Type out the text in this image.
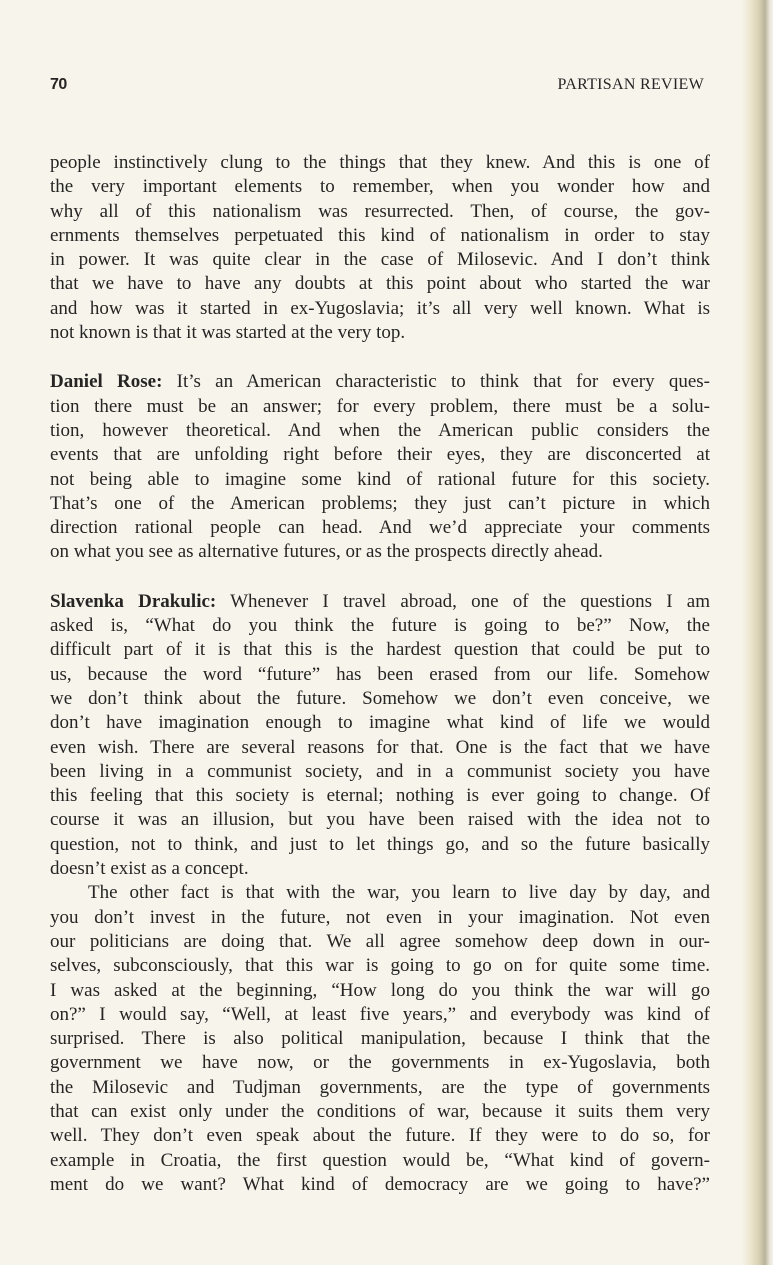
70	PARTISAN REVIEW
people instinctively clung to the things that they knew. And this is one of
the very important elements to remember, when you wonder how and
why all of this nationalism was resurrected. Then, of course, the gov-
ernments themselves perpetuated this kind of nationalism in order to stay
in power. It was quite clear in the case of Milosevic. And I don’t think
that we have to have any doubts at this point about who started the war
and how was it started in ex-Yugoslavia; it’s all very well known. What is
not known is that it was started at the very top.
Daniel Rose: It’s an American characteristic to think that for every ques-
tion there must be an answer; for every problem, there must be a solu-
tion, however theoretical. And when the American public considers the
events that are unfolding right before their eyes, they are disconcerted at
not being able to imagine some kind of rational future for this society.
That’s one of the American problems; they just can’t picture in which
direction rational people can head. And we’d appreciate your comments
on what you see as alternative futures, or as the prospects directly ahead.
Slavenka Drakulic: Whenever I travel abroad, one of the questions I am
asked is, “What do you think the future is going to be?” Now, the
difficult part of it is that this is the hardest question that could be put to
us, because the word “future” has been erased from our life. Somehow
we don’t think about the future. Somehow we don’t even conceive, we
don’t have imagination enough to imagine what kind of life we would
even wish. There are several reasons for that. One is the fact that we have
been living in a communist society, and in a communist society you have
this feeling that this society is eternal; nothing is ever going to change. Of
course it was an illusion, but you have been raised with the idea not to
question, not to think, and just to let things go, and so the future basically
doesn’t exist as a concept.
The other fact is that with the war, you learn to live day by day, and
you don’t invest in the future, not even in your imagination. Not even
our politicians are doing that. We all agree somehow deep down in our-
selves, subconsciously, that this war is going to go on for quite some time.
I was asked at the beginning, “How long do you think the war will go
on?” I would say, “Well, at least five years,” and everybody was kind of
surprised. There is also political manipulation, because I think that the
government we have now, or the governments in ex-Yugoslavia, both
the Milosevic and Tudjman governments, are the type of governments
that can exist only under the conditions of war, because it suits them very
well. They don’t even speak about the future. If they were to do so, for
example in Croatia, the first question would be, “What kind of govern-
ment do we want? What kind of democracy are we going to have?”
